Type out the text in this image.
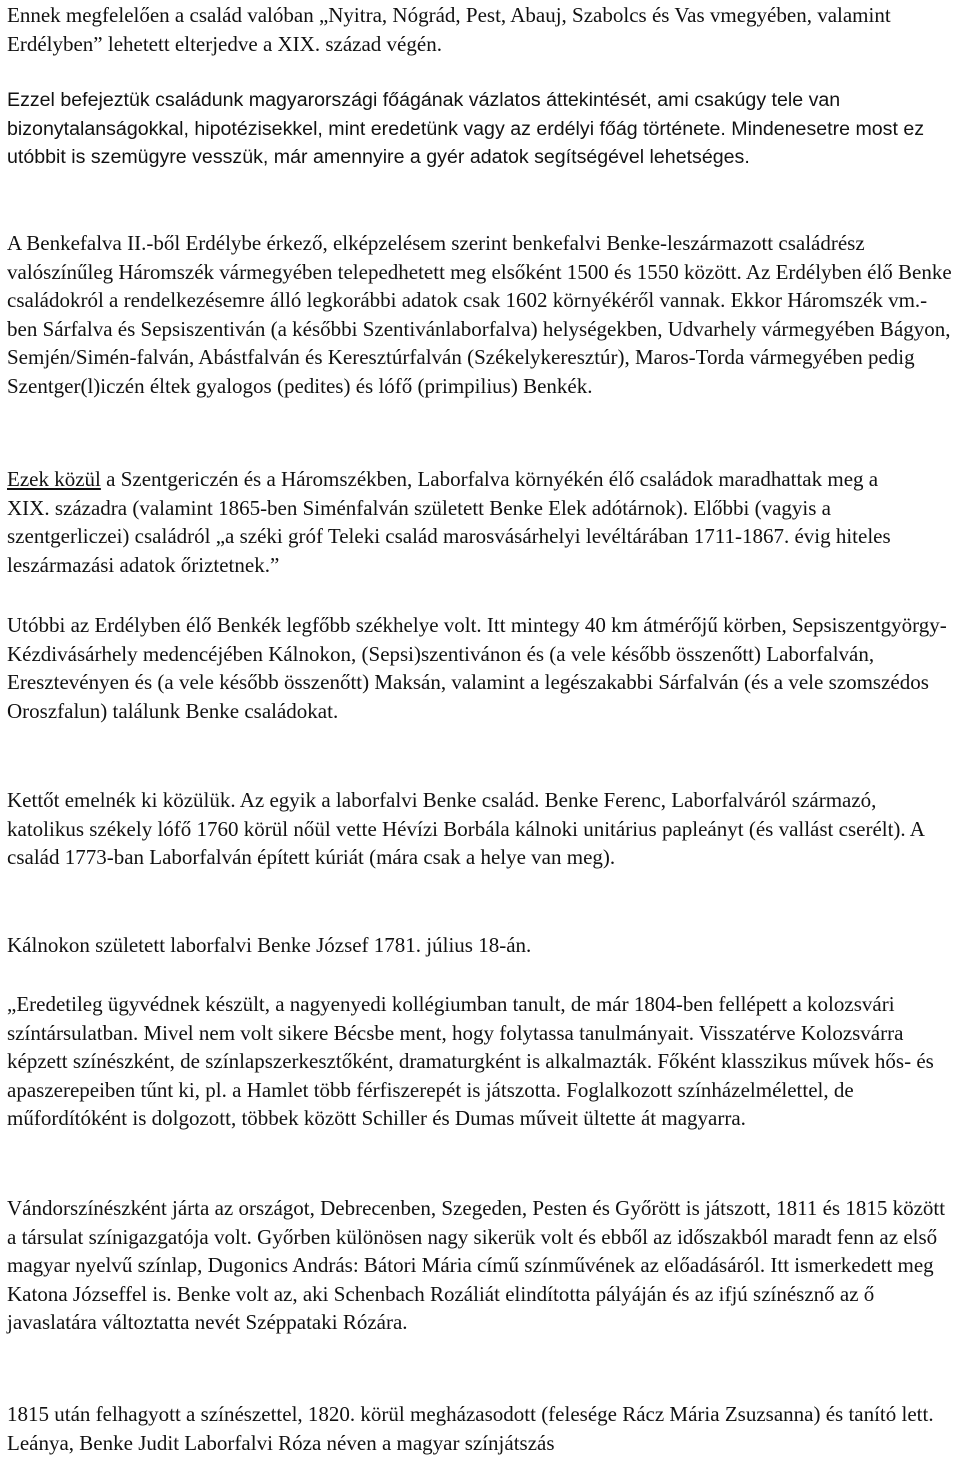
Ennek megfelelően a család valóban „Nyitra, Nógrád, Pest, Abauj, Szabolcs és Vas vmegyében, valamint Erdélyben” lehetett elterjedve a XIX. század végén.

Ezzel befejeztük családunk magyarországi főágának vázlatos áttekintését, ami csakúgy tele van bizonytalanságokkal, hipotézisekkel, mint eredetünk vagy az erdélyi főág története. Mindenesetre most ez utóbbit is szemügyre vesszük, már amennyire a gyér adatok segítségével lehetséges.

A Benkefalva II.-ből Erdélybe érkező, elképzelésem szerint benkefalvi Benke-leszármazott családrész valószínűleg Háromszék vármegyében telepedhetett meg elsőként 1500 és 1550 között. Az Erdélyben élő Benke családokról a rendelkezésemre álló legkorábbi adatok csak 1602 környékéről vannak. Ekkor Háromszék vm.-ben Sárfalva és Sepsiszentiván (a későbbi Szentivánlaborfalva) helységekben, Udvarhely vármegyében Bágyon, Semjén/Simén-falván, Abástfalván és Keresztúrfalván (Székelykeresztúr), Maros-Torda vármegyében pedig Szentger(l)iczén éltek gyalogos (pedites) és lófő (primpilius) Benkék.

Ezek közül a Szentgericzén és a Háromszékben, Laborfalva környékén élő családok maradhattak meg a XIX. századra (valamint 1865-ben Siménfalván született Benke Elek adótárnok). Előbbi (vagyis a szentgerliczei) családról „a széki gróf Teleki család marosvásárhelyi levéltárában 1711-1867. évig hiteles leszármazási adatok őriztetnek.”

Utóbbi az Erdélyben élő Benkék legfőbb székhelye volt. Itt mintegy 40 km átmérőjű körben, Sepsiszentgyörgy-Kézdivásárhely medencéjében Kálnokon, (Sepsi)szentivánon és (a vele később összenőtt) Laborfalván, Eresztevényen és (a vele később összenőtt) Maksán, valamint a legészakabbi Sárfalván (és a vele szomszédos Oroszfalun) találunk Benke családokat.

Kettőt emelnék ki közülük. Az egyik a laborfalvi Benke család. Benke Ferenc, Laborfalváról származó, katolikus székely lófő 1760 körül nőül vette Hévízi Borbála kálnoki unitárius papleányt (és vallást cserélt). A család 1773-ban Laborfalván épített kúriát (mára csak a helye van meg).

Kálnokon született laborfalvi Benke József 1781. július 18-án.

„Eredetileg ügyvédnek készült, a nagyenyedi kollégiumban tanult, de már 1804-ben fellépett a kolozsvári színtársulatban. Mivel nem volt sikere Bécsbe ment, hogy folytassa tanulmányait. Visszatérve Kolozsvárra képzett színészként, de színlapszerkesztőként, dramaturgként is alkalmazták. Főként klasszikus művek hős- és apaszerepeiben tűnt ki, pl. a Hamlet több férfiszerepét is játszotta. Foglalkozott színházelmélettel, de műfordítóként is dolgozott, többek között Schiller és Dumas műveit ültette át magyarra.

Vándorszínészként járta az országot, Debrecenben, Szegeden, Pesten és Győrött is játszott, 1811 és 1815 között a társulat színigazgatója volt. Győrben különösen nagy sikerük volt és ebből az időszakból maradt fenn az első magyar nyelvű színlap, Dugonics András: Bátori Mária című színművének az előadásáról. Itt ismerkedett meg Katona Józseffel is. Benke volt az, aki Schenbach Rozáliát elindította pályáján és az ifjú színésznő az ő javaslatára változtatta nevét Széppataki Rózára.

1815 után felhagyott a színészettel, 1820. körül megházasodott (felesége Rácz Mária Zsuzsanna) és tanító lett. Leánya, Benke Judit Laborfalvi Róza néven a magyar színjátszás
